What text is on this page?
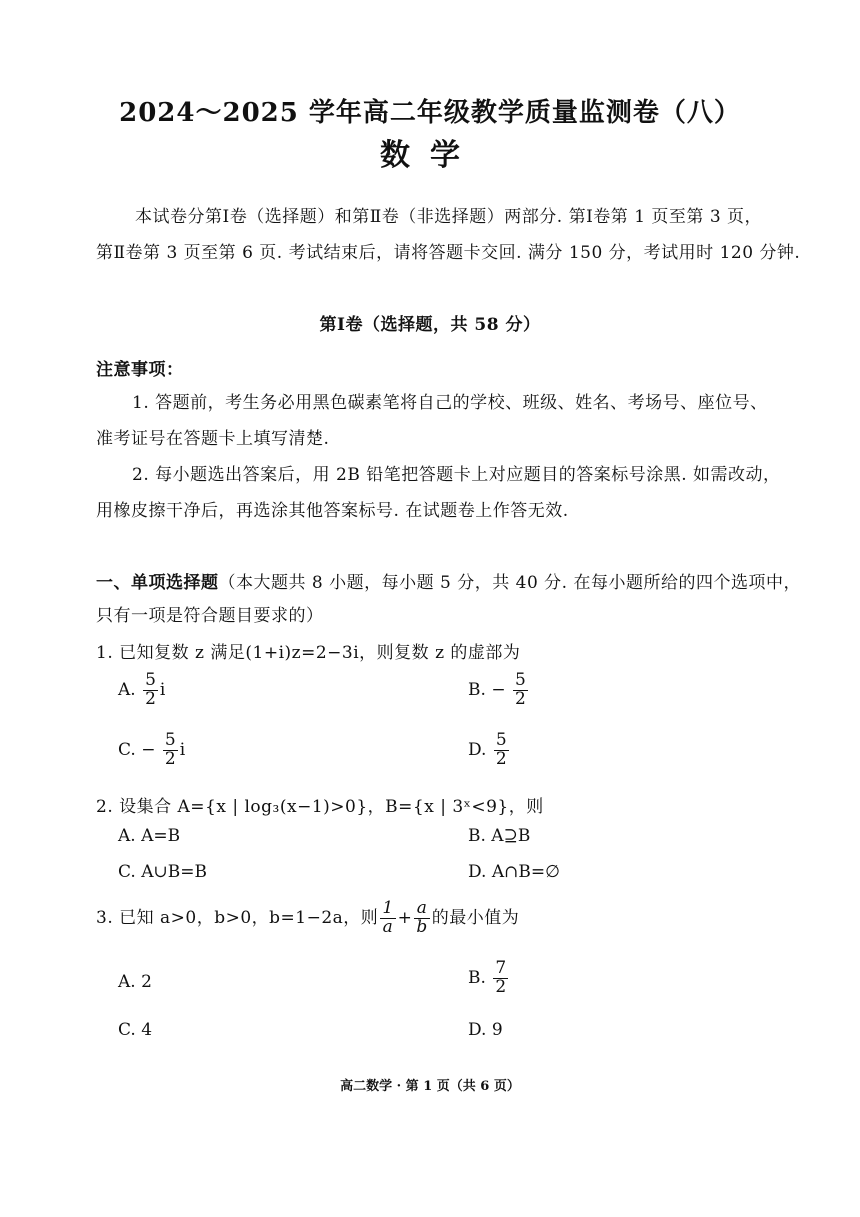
2024～2025 学年高二年级教学质量监测卷（八）
数学
本试卷分第Ⅰ卷（选择题）和第Ⅱ卷（非选择题）两部分. 第Ⅰ卷第 1 页至第 3 页，
第Ⅱ卷第 3 页至第 6 页. 考试结束后，请将答题卡交回. 满分 150 分，考试用时 120 分钟.
第Ⅰ卷（选择题，共 58 分）
注意事项：
1. 答题前，考生务必用黑色碳素笔将自己的学校、班级、姓名、考场号、座位号、
准考证号在答题卡上填写清楚.
2. 每小题选出答案后，用 2B 铅笔把答题卡上对应题目的答案标号涂黑. 如需改动，
用橡皮擦干净后，再选涂其他答案标号. 在试题卷上作答无效.
一、单项选择题（本大题共 8 小题，每小题 5 分，共 40 分. 在每小题所给的四个选项中，
只有一项是符合题目要求的）
1. 已知复数 z 满足(1+i)z=2−3i，则复数 z 的虚部为
A. $\frac{5}{2}$ i	B. − $\frac{5}{2}$
C. − $\frac{5}{2}$ i	D. $\frac{5}{2}$
2. 设集合 A={x | log₃(x−1)>0}，B={x | 3ˣ<9}，则
A. A=B	B. A⊇B
C. A∪B=B	D. A∩B=∅
3. 已知 a>0，b>0，b=1−2a，则 $\frac{1}{a} + \frac{a}{b}$ 的最小值为
A. 2	B. $\frac{7}{2}$
C. 4	D. 9
高二数学 · 第 1 页（共 6 页）
